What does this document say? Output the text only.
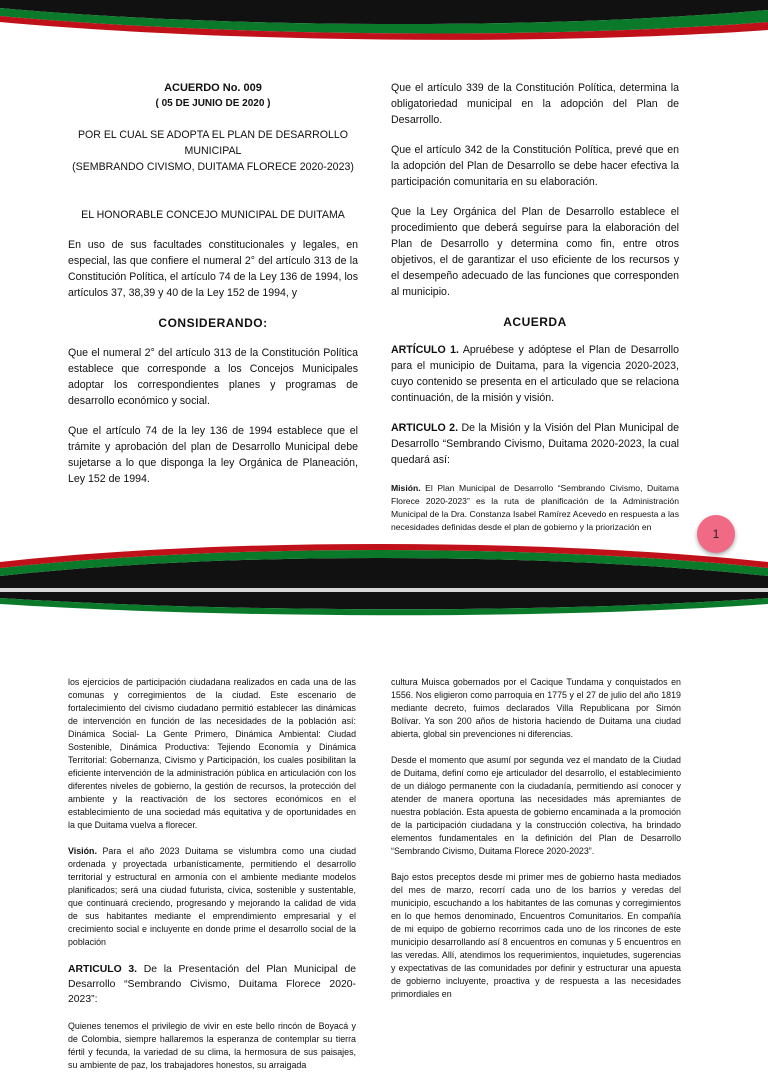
ACUERDO No. 009

( 05 DE JUNIO DE 2020 )

POR EL CUAL SE ADOPTA EL PLAN DE DESARROLLO

MUNICIPAL

(SEMBRANDO CIVISMO, DUITAMA FLORECE 2020-2023)

EL HONORABLE CONCEJO MUNICIPAL DE DUITAMA

En uso de sus facultades constitucionales y legales, en especial, las que confiere el numeral 2° del artículo 313 de la Constitución Política, el artículo 74 de la Ley 136 de 1994, los artículos 37, 38,39 y 40 de la Ley 152 de 1994, y

CONSIDERANDO:

Que el numeral 2° del artículo 313 de la Constitución Política establece que corresponde a los Concejos Municipales adoptar los correspondientes planes y programas de desarrollo económico y social.

Que el artículo 74 de la ley 136 de 1994 establece que el trámite y aprobación del plan de Desarrollo Municipal debe sujetarse a lo que disponga la ley Orgánica de Planeación, Ley 152 de 1994.

Que el artículo 339 de la Constitución Política, determina la obligatoriedad municipal en la adopción del Plan de Desarrollo.

Que el artículo 342 de la Constitución Política, prevé que en la adopción del Plan de Desarrollo se debe hacer efectiva la participación comunitaria en su elaboración.

Que la Ley Orgánica del Plan de Desarrollo establece el procedimiento que deberá seguirse para la elaboración del Plan de Desarrollo y determina como fin, entre otros objetivos, el de garantizar el uso eficiente de los recursos y el desempeño adecuado de las funciones que corresponden al municipio.

ACUERDA

ARTÍCULO 1. Apruébese y adóptese el Plan de Desarrollo para el municipio de Duitama, para la vigencia 2020-2023, cuyo contenido se presenta en el articulado que se relaciona continuación, de la misión y visión.

ARTICULO 2. De la Misión y la Visión del Plan Municipal de Desarrollo “Sembrando Civismo, Duitama 2020-2023, la cual quedará así:

Misión. El Plan Municipal de Desarrollo “Sembrando Civismo, Duitama Florece 2020-2023” es la ruta de planificación de la Administración Municipal de la Dra. Constanza Isabel Ramírez Acevedo en respuesta a las necesidades definidas desde el plan de gobierno y la priorización en	1

los ejercicios de participación ciudadana realizados en cada una de las comunas y corregimientos de la ciudad. Este escenario de fortalecimiento del civismo ciudadano permitió establecer las dinámicas de intervención en función de las necesidades de la población así: Dinámica Social- La Gente Primero, Dinámica Ambiental: Ciudad Sostenible, Dinámica Productiva: Tejiendo Economía y Dinámica Territorial: Gobernanza, Civismo y Participación, los cuales posibilitan la eficiente intervención de la administración pública en articulación con los diferentes niveles de gobierno, la gestión de recursos, la protección del ambiente y la reactivación de los sectores económicos en el establecimiento de una sociedad más equitativa y de oportunidades en la que Duitama vuelva a florecer.

Visión. Para el año 2023 Duitama se vislumbra como una ciudad ordenada y proyectada urbanísticamente, permitiendo el desarrollo territorial y estructural en armonía con el ambiente mediante modelos planificados; será una ciudad futurista, cívica, sostenible y sustentable, que continuará creciendo, progresando y mejorando la calidad de vida de sus habitantes mediante el emprendimiento empresarial y el crecimiento social e incluyente en donde prime el desarrollo social de la población

ARTICULO 3. De la Presentación del Plan Municipal de Desarrollo “Sembrando Civismo, Duitama Florece 2020-2023”:

Quienes tenemos el privilegio de vivir en este bello rincón de Boyacá y de Colombia, siempre hallaremos la esperanza de contemplar su tierra fértil y fecunda, la variedad de su clima, la hermosura de sus paisajes, su ambiente de paz, los trabajadores honestos, su arraigada

cultura Muisca gobernados por el Cacique Tundama y conquistados en 1556. Nos eligieron como parroquia en 1775 y el 27 de julio del año 1819 mediante decreto, fuimos declarados Villa Republicana por Simón Bolívar. Ya son 200 años de historia haciendo de Duitama una ciudad abierta, global sin prevenciones ni diferencias.

Desde el momento que asumí por segunda vez el mandato de la Ciudad de Duitama, definí como eje articulador del desarrollo, el establecimiento de un diálogo permanente con la ciudadanía, permitiendo así conocer y atender de manera oportuna las necesidades más apremiantes de nuestra población. Esta apuesta de gobierno encaminada a la promoción de la participación ciudadana y la construcción colectiva, ha brindado elementos fundamentales en la definición del Plan de Desarrollo “Sembrando Civismo, Duitama Florece 2020-2023”.

Bajo estos preceptos desde mi primer mes de gobierno hasta mediados del mes de marzo, recorrí cada uno de los barrios y veredas del municipio, escuchando a los habitantes de las comunas y corregimientos en lo que hemos denominado, Encuentros Comunitarios. En compañía de mi equipo de gobierno recorrimos cada uno de los rincones de este municipio desarrollando así 8 encuentros en comunas y 5 encuentros en las veredas. Allí, atendimos los requerimientos, inquietudes, sugerencias y expectativas de las comunidades por definir y estructurar una apuesta de gobierno incluyente, proactiva y de respuesta a las necesidades primordiales en
